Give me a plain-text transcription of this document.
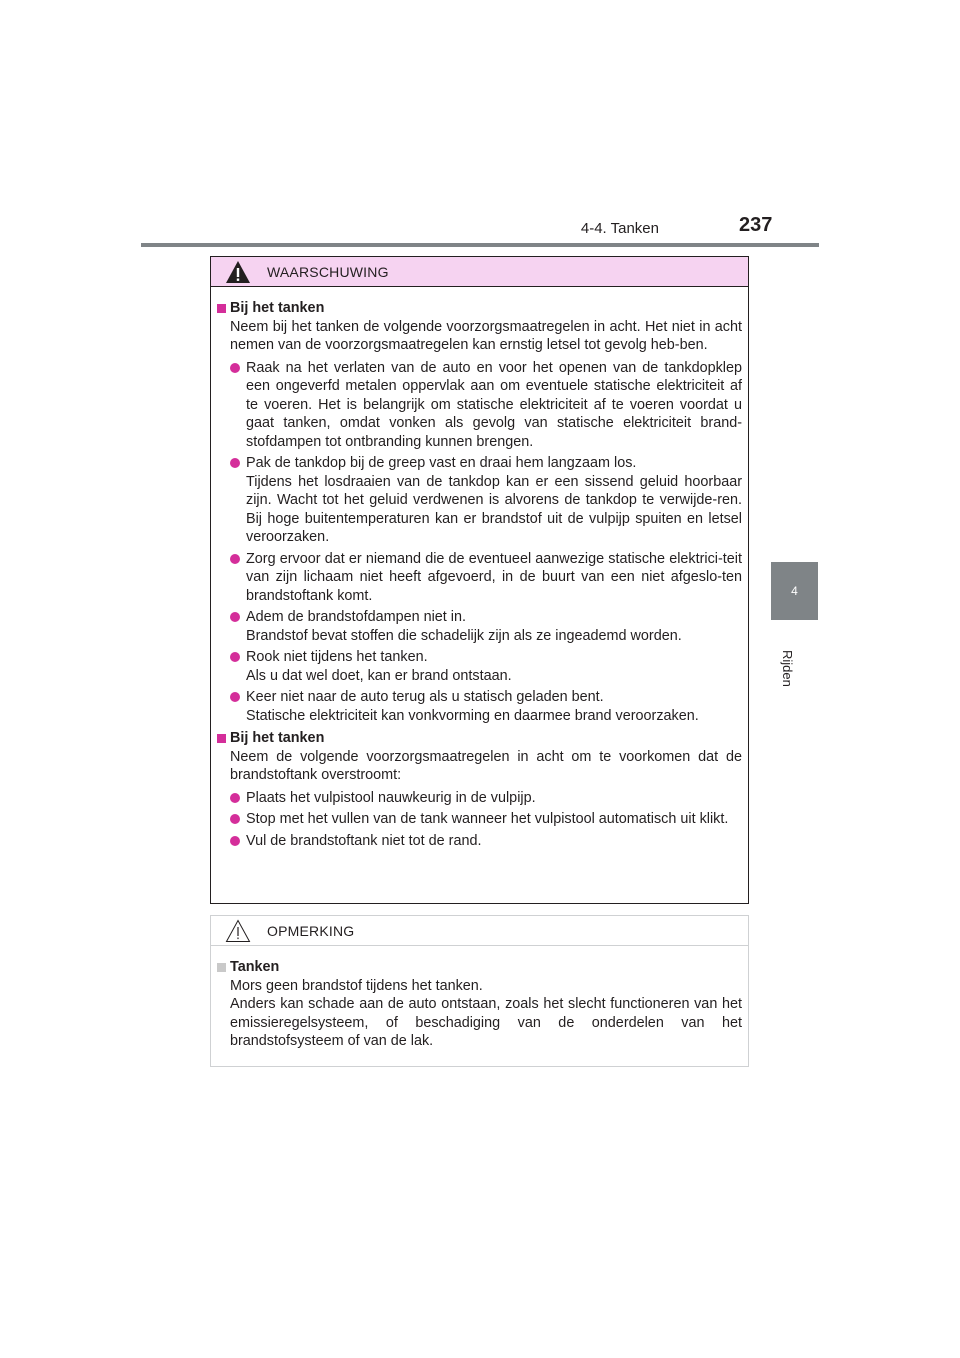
4-4. Tanken	237
4
Rijden
WAARSCHUWING
Bij het tanken
Neem bij het tanken de volgende voorzorgsmaatregelen in acht. Het niet in acht nemen van de voorzorgsmaatregelen kan ernstig letsel tot gevolg heb-ben.
Raak na het verlaten van de auto en voor het openen van de tankdopklep een ongeverfd metalen oppervlak aan om eventuele statische elektriciteit af te voeren. Het is belangrijk om statische elektriciteit af te voeren voordat u gaat tanken, omdat vonken als gevolg van statische elektriciteit brand-stofdampen tot ontbranding kunnen brengen.
Pak de tankdop bij de greep vast en draai hem langzaam los.
Tijdens het losdraaien van de tankdop kan er een sissend geluid hoorbaar zijn. Wacht tot het geluid verdwenen is alvorens de tankdop te verwijde-ren. Bij hoge buitentemperaturen kan er brandstof uit de vulpijp spuiten en letsel veroorzaken.
Zorg ervoor dat er niemand die de eventueel aanwezige statische elektrici-teit van zijn lichaam niet heeft afgevoerd, in de buurt van een niet afgeslo-ten brandstoftank komt.
Adem de brandstofdampen niet in.
Brandstof bevat stoffen die schadelijk zijn als ze ingeademd worden.
Rook niet tijdens het tanken.
Als u dat wel doet, kan er brand ontstaan.
Keer niet naar de auto terug als u statisch geladen bent.
Statische elektriciteit kan vonkvorming en daarmee brand veroorzaken.
Bij het tanken
Neem de volgende voorzorgsmaatregelen in acht om te voorkomen dat de brandstoftank overstroomt:
Plaats het vulpistool nauwkeurig in de vulpijp.
Stop met het vullen van de tank wanneer het vulpistool automatisch uit klikt.
Vul de brandstoftank niet tot de rand.
OPMERKING
Tanken
Mors geen brandstof tijdens het tanken.
Anders kan schade aan de auto ontstaan, zoals het slecht functioneren van het emissieregelsysteem, of beschadiging van de onderdelen van het brandstofsysteem of van de lak.
